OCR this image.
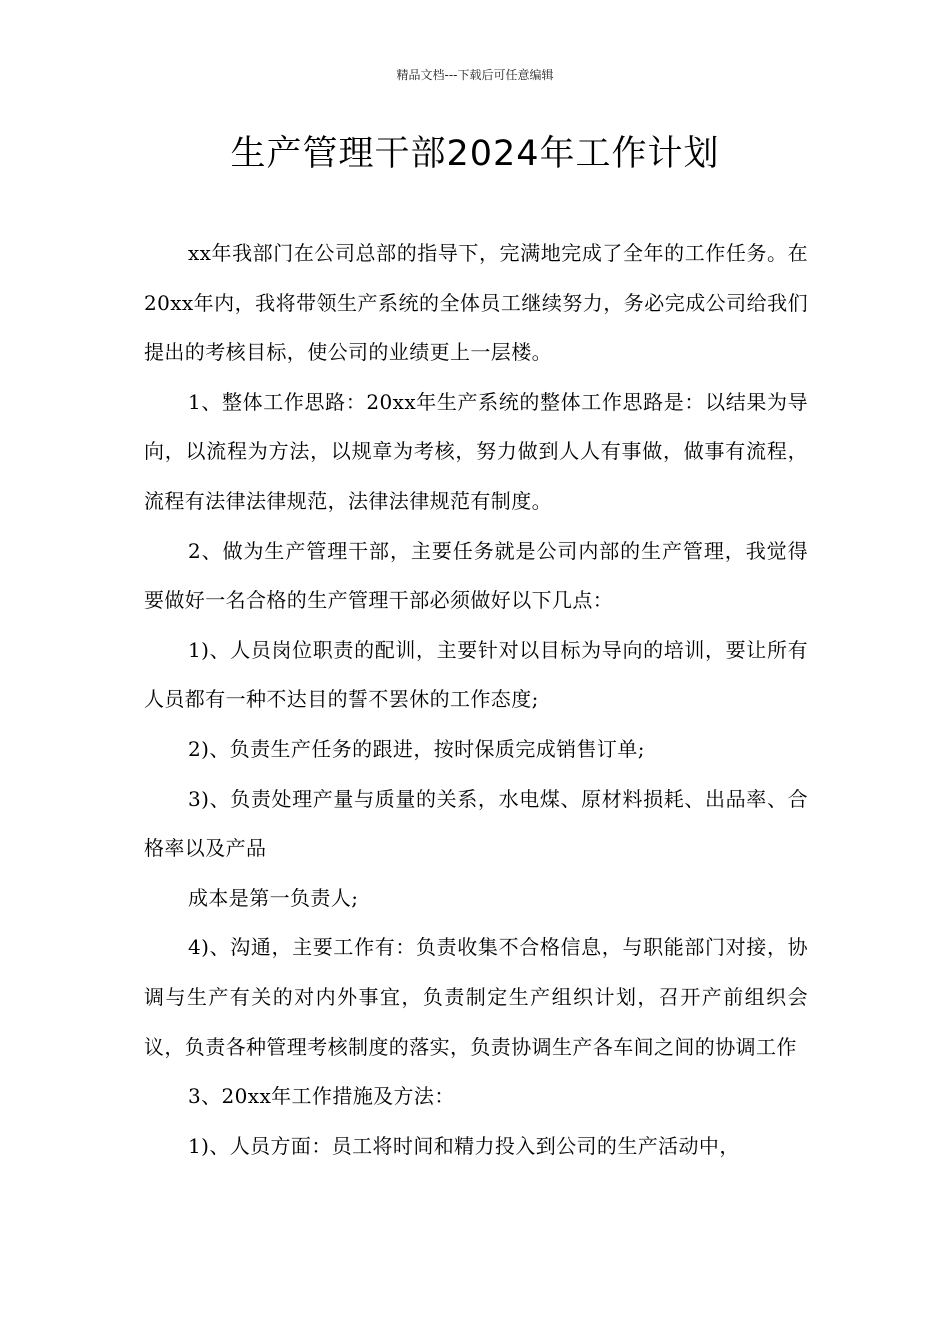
精品文档---下载后可任意编辑
生产管理干部2024年工作计划

xx年我部门在公司总部的指导下，完满地完成了全年的工作任务。在20xx年内，我将带领生产系统的全体员工继续努力，务必完成公司给我们提出的考核目标，使公司的业绩更上一层楼。

1、整体工作思路：20xx年生产系统的整体工作思路是：以结果为导向，以流程为方法，以规章为考核，努力做到人人有事做，做事有流程，流程有法律法律规范，法律法律规范有制度。

2、做为生产管理干部，主要任务就是公司内部的生产管理，我觉得要做好一名合格的生产管理干部必须做好以下几点：

1)、人员岗位职责的配训，主要针对以目标为导向的培训，要让所有人员都有一种不达目的誓不罢休的工作态度;

2)、负责生产任务的跟进，按时保质完成销售订单;

3)、负责处理产量与质量的关系，水电煤、原材料损耗、出品率、合格率以及产品

成本是第一负责人;

4)、沟通，主要工作有：负责收集不合格信息，与职能部门对接，协调与生产有关的对内外事宜，负责制定生产组织计划，召开产前组织会议，负责各种管理考核制度的落实，负责协调生产各车间之间的协调工作

3、20xx年工作措施及方法：

1)、人员方面：员工将时间和精力投入到公司的生产活动中，
